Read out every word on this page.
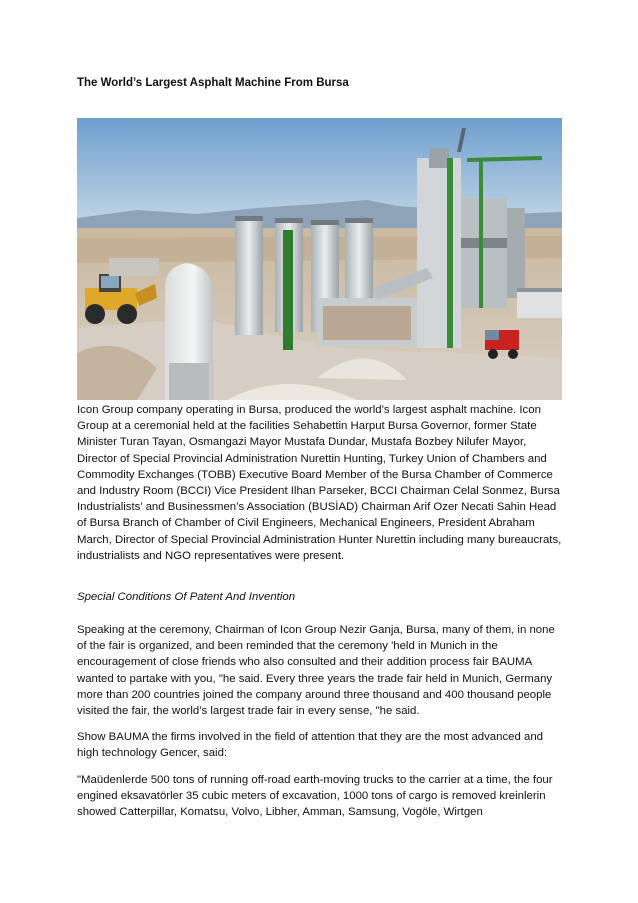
The World’s Largest Asphalt Machine From Bursa

Icon Group company operating in Bursa, produced the world’s largest asphalt machine. Icon Group at a ceremonial held at the facilities Sehabettin Harput Bursa Governor, former State Minister Turan Tayan, Osmangazi Mayor Mustafa Dundar, Mustafa Bozbey Nilufer Mayor, Director of Special Provincial Administration Nurettin Hunting, Turkey Union of Chambers and Commodity Exchanges (TOBB) Executive Board Member of the Bursa Chamber of Commerce and Industry Room (BCCI) Vice President Ilhan Parseker, BCCI Chairman Celal Sonmez, Bursa Industrialists’ and Businessmen’s Association (BUSİAD) Chairman Arif Ozer Necati Sahin Head of Bursa Branch of Chamber of Civil Engineers, Mechanical Engineers, President Abraham March, Director of Special Provincial Administration Hunter Nurettin including many bureaucrats, industrialists and NGO representatives were present.

Special Conditions Of Patent And Invention

Speaking at the ceremony, Chairman of Icon Group Nezir Ganja, Bursa, many of them, in none of the fair is organized, and been reminded that the ceremony 'held in Munich in the encouragement of close friends who also consulted and their addition process fair BAUMA wanted to partake with you, "he said. Every three years the trade fair held in Munich, Germany more than 200 countries joined the company around three thousand and 400 thousand people visited the fair, the world’s largest trade fair in every sense, "he said.

Show BAUMA the firms involved in the field of attention that they are the most advanced and high technology Gencer, said:

"Maüdenlerde 500 tons of running off-road earth-moving trucks to the carrier at a time, the four engined eksavatörler 35 cubic meters of excavation, 1000 tons of cargo is removed kreinlerin showed Catterpillar, Komatsu, Volvo, Libher, Amman, Samsung, Vogöle, Wirtgen
